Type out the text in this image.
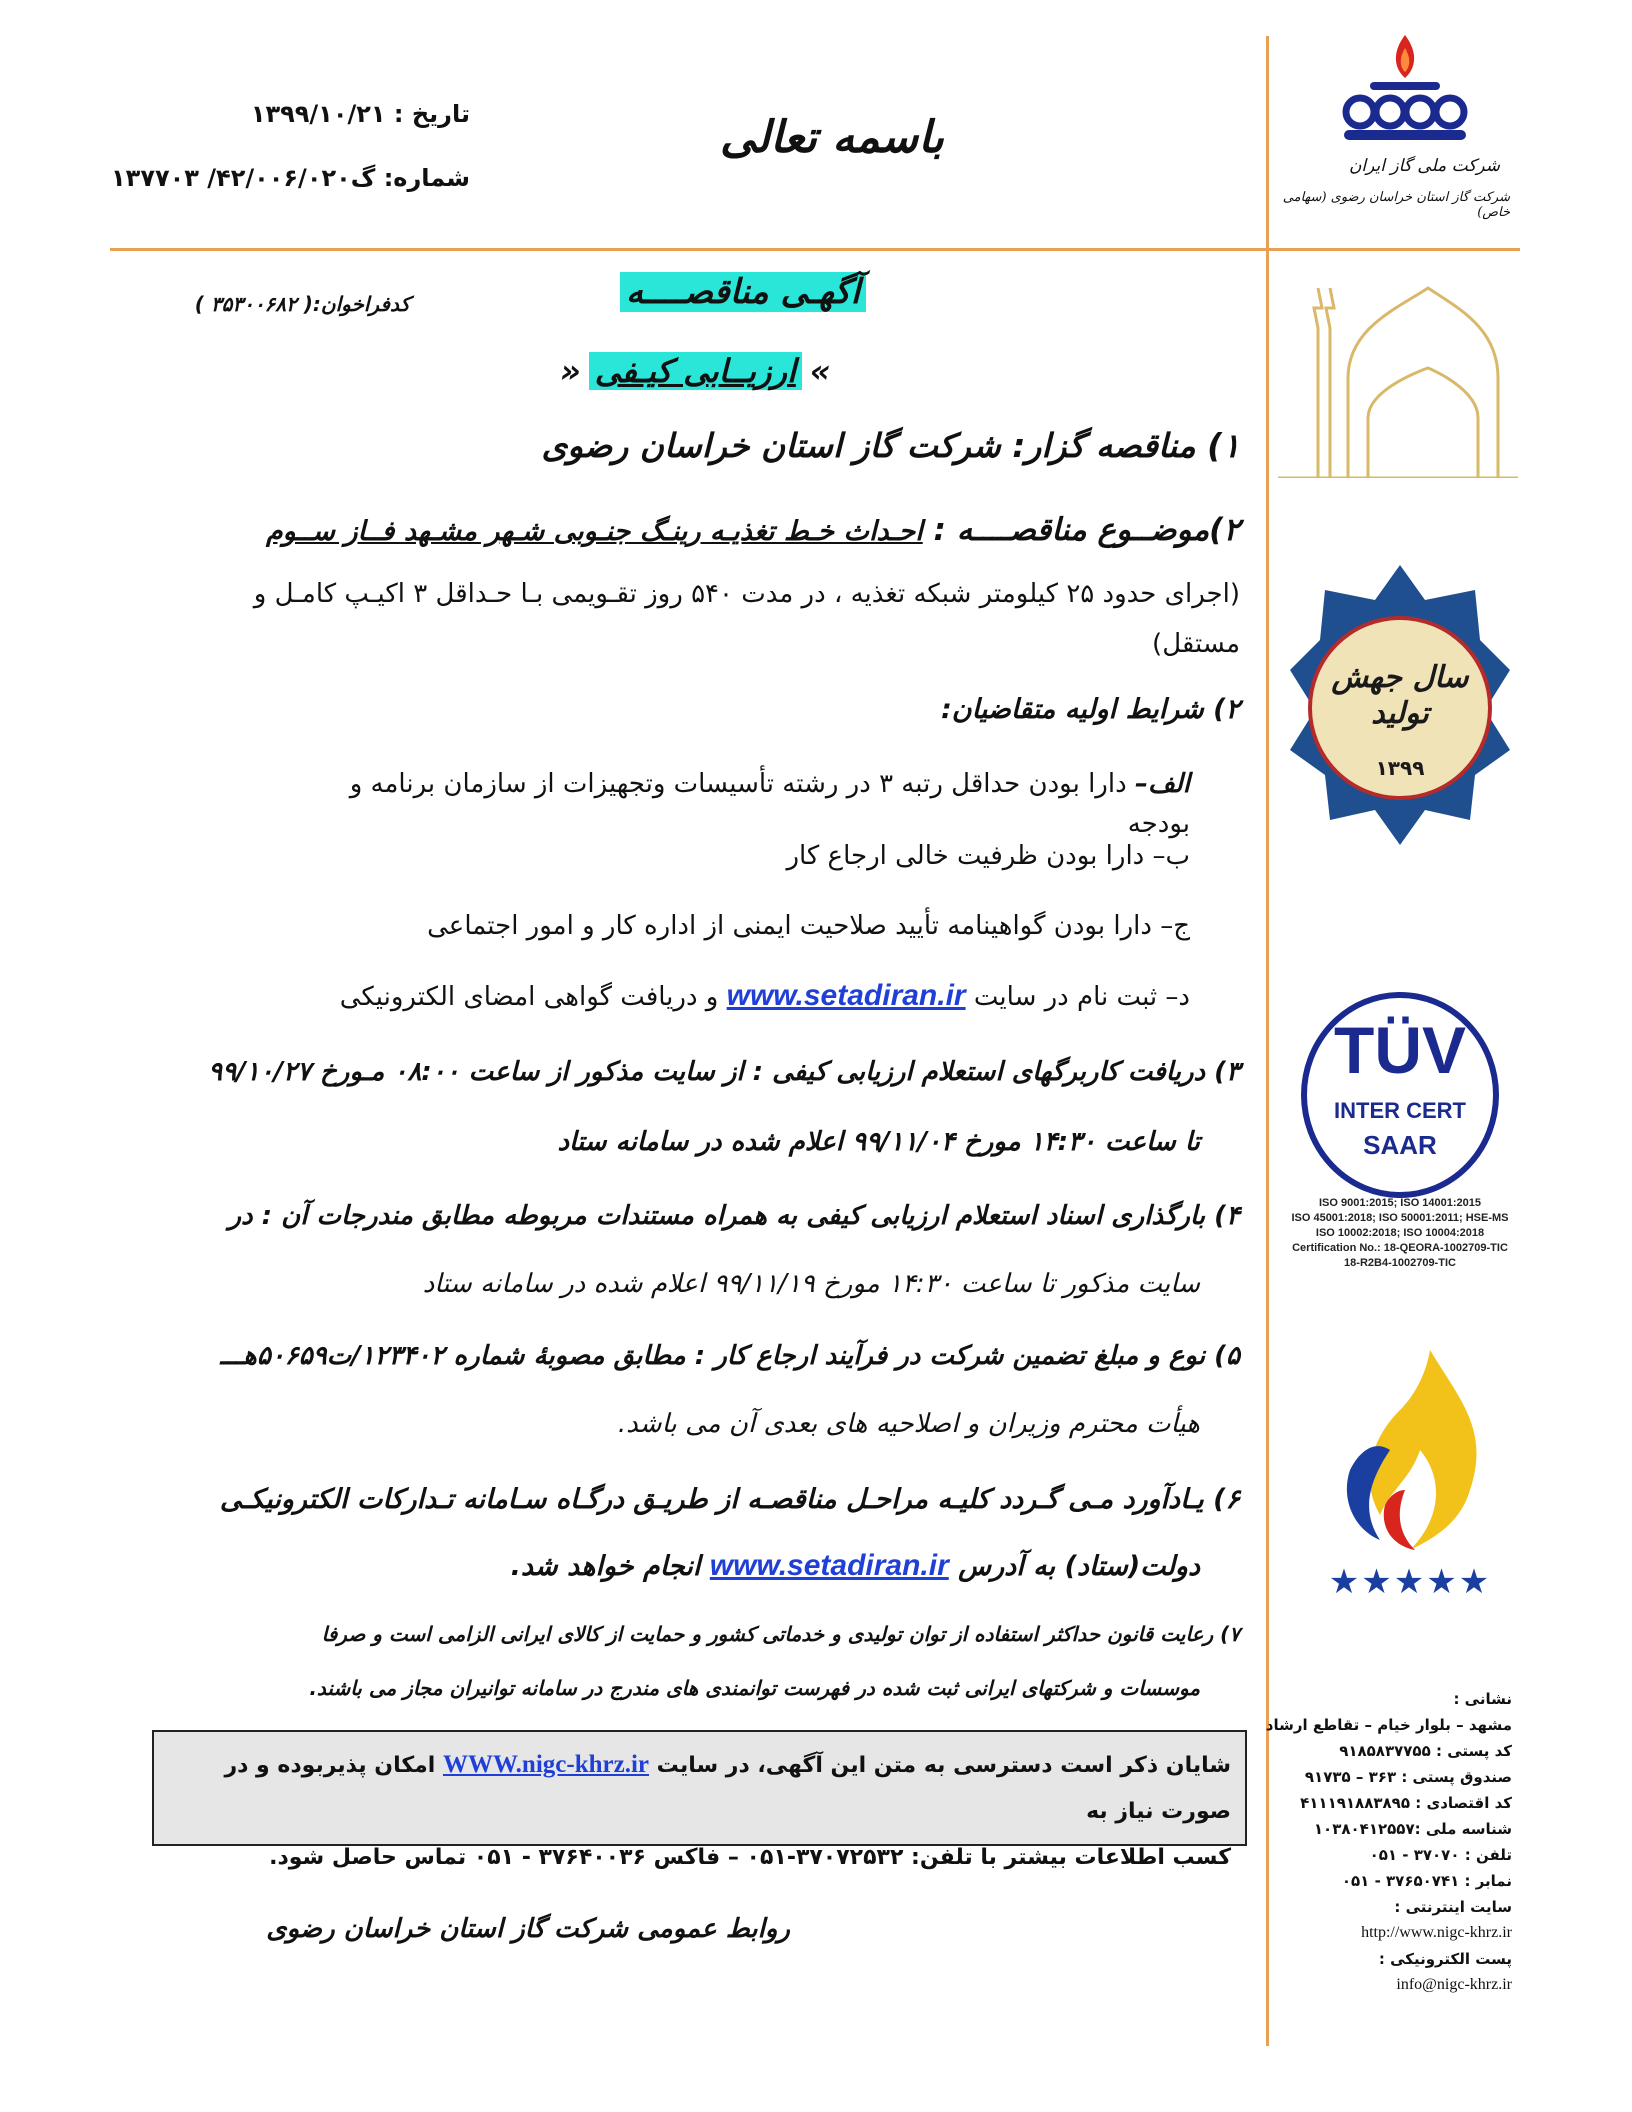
باسمه تعالی
تاریخ : ۱۳۹۹/۱۰/۲۱
شماره: گ۴۲/۰۰۶/۰۲۰/ ۱۳۷۷۰۳	شرکت ملی گاز ایران
شرکت گاز استان خراسان رضوی (سهامی خاص)
آگهـی مناقصــــه
» ارزیــابی کیـفی «
کدفراخوان:( ۳۵۳۰۰۶۸۲ )
۱) مناقصه گزار: شرکت گاز استان خراسان رضوی
۲)موضــوع مناقصــــه : احـداث خـط تغذیـه رینـگ جنـوبی شـهر مشـهد فــاز ســوم
(اجرای حدود ۲۵ کیلومتر شبکه تغذیه ، در مدت ۵۴۰ روز تقـویمی بـا حـداقل ۳ اکیـپ کامـل و
مستقل)
۲) شرایط اولیه متقاضیان:
الف– دارا بودن حداقل رتبه ۳ در رشته تأسیسات وتجهیزات از سازمان برنامه و بودجه
ب– دارا بودن ظرفیت خالی ارجاع کار
ج– دارا بودن گواهینامه تأیید صلاحیت ایمنی از اداره کار و امور اجتماعی
د– ثبت نام در سایت www.setadiran.ir و دریافت گواهی امضای الکترونیکی
۳) دریافت کاربرگهای استعلام ارزیابی کیفی : از سایت مذکور از ساعت ۰۸:۰۰ مـورخ ۹۹/۱۰/۲۷
تا ساعت ۱۴:۳۰ مورخ ۹۹/۱۱/۰۴ اعلام شده در سامانه ستاد
۴) بارگذاری اسناد استعلام ارزیابی کیفی به همراه مستندات مربوطه مطابق مندرجات آن : در
سایت مذکور تا ساعت ۱۴:۳۰ مورخ ۹۹/۱۱/۱۹ اعلام شده در سامانه ستاد
۵) نوع و مبلغ تضمین شرکت در فرآیند ارجاع کار : مطابق مصوبهٔ شماره ۱۲۳۴۰۲/ت۵۰۶۵۹هـــ
هیأت محترم وزیران و اصلاحیه های بعدی آن می باشد.
۶) یـادآورد مـی گـردد کلیـه مراحـل مناقصـه از طریـق درگـاه سـامانه تـدارکات الکترونیکـی
دولت(ستاد) به آدرس www.setadiran.ir انجام خواهد شد.
۷) رعایت قانون حداکثر استفاده از توان تولیدی و خدماتی کشور و حمایت از کالای ایرانی الزامی است و صرفا
موسسات و شرکتهای ایرانی ثبت شده در فهرست توانمندی های مندرج در سامانه توانیران مجاز می باشند.
شایان ذکر است دسترسی به متن این آگهی، در سایت WWW.nigc-khrz.ir امکان پذیربوده و در صورت نیاز به
کسب اطلاعات بیشتر با تلفن: ۳۷۰۷۲۵۳۲-۰۵۱ – فاکس ۳۷۶۴۰۰۳۶ - ۰۵۱ تماس حاصل شود.
روابط عمومی شرکت گاز استان خراسان رضوی
سال جهش تولید
۱۳۹۹
TÜV
INTER CERT
SAAR
ISO 9001:2015; ISO 14001:2015
ISO 45001:2018; ISO 50001:2011; HSE-MS
ISO 10002:2018; ISO 10004:2018
Certification No.: 18-QEORA-1002709-TIC
18-R2B4-1002709-TIC
★★★★★
نشانی :
مشهد – بلوار خیام – تقاطع ارشاد
کد پستی : ۹۱۸۵۸۳۷۷۵۵
صندوق پستی : ۳۶۳ – ۹۱۷۳۵
کد اقتصادی : ۴۱۱۱۹۱۸۸۳۸۹۵
شناسه ملی :۱۰۳۸۰۴۱۲۵۵۷
تلفن : ۳۷۰۷۰ - ۰۵۱
نمابر : ۳۷۶۵۰۷۴۱ - ۰۵۱
سایت اینترنتی :
http://www.nigc-khrz.ir
پست الکترونیکی :
info@nigc-khrz.ir
